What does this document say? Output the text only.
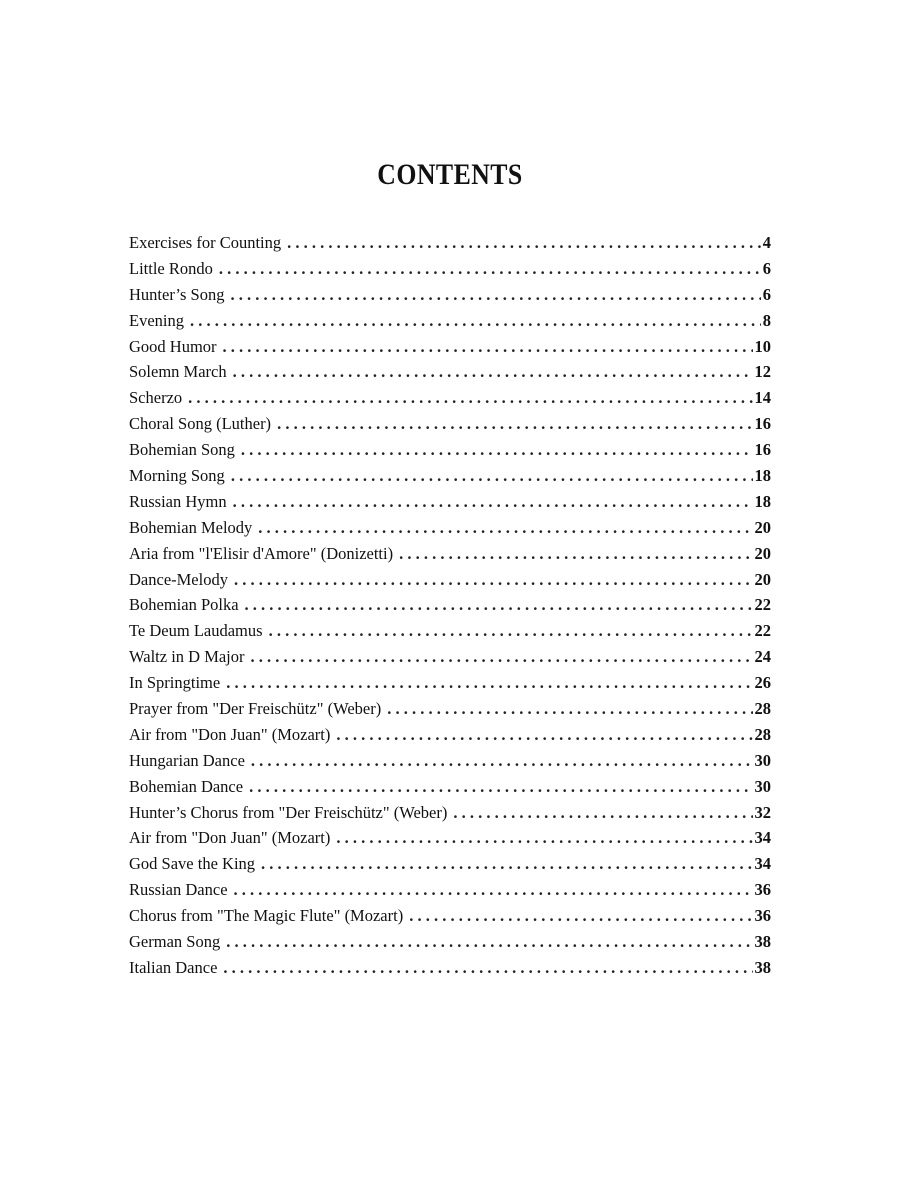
CONTENTS
Exercises for Counting . . .	4
Little Rondo . . .	6
Hunter’s Song . . .	6
Evening . . .	8
Good Humor . . .	10
Solemn March . . .	12
Scherzo . . .	14
Choral Song (Luther) . . .	16
Bohemian Song . . .	16
Morning Song . . .	18
Russian Hymn . . .	18
Bohemian Melody . . .	20
Aria from "l'Elisir d'Amore" (Donizetti) . . .	20
Dance-Melody . . .	20
Bohemian Polka . . .	22
Te Deum Laudamus . . .	22
Waltz in D Major . . .	24
In Springtime . . .	26
Prayer from "Der Freischütz" (Weber) . . .	28
Air from "Don Juan" (Mozart) . . .	28
Hungarian Dance . . .	30
Bohemian Dance . . .	30
Hunter’s Chorus from "Der Freischütz" (Weber) . . .	32
Air from "Don Juan" (Mozart) . . .	34
God Save the King . . .	34
Russian Dance . . .	36
Chorus from "The Magic Flute" (Mozart) . . .	36
German Song . . .	38
Italian Dance . . .	38
